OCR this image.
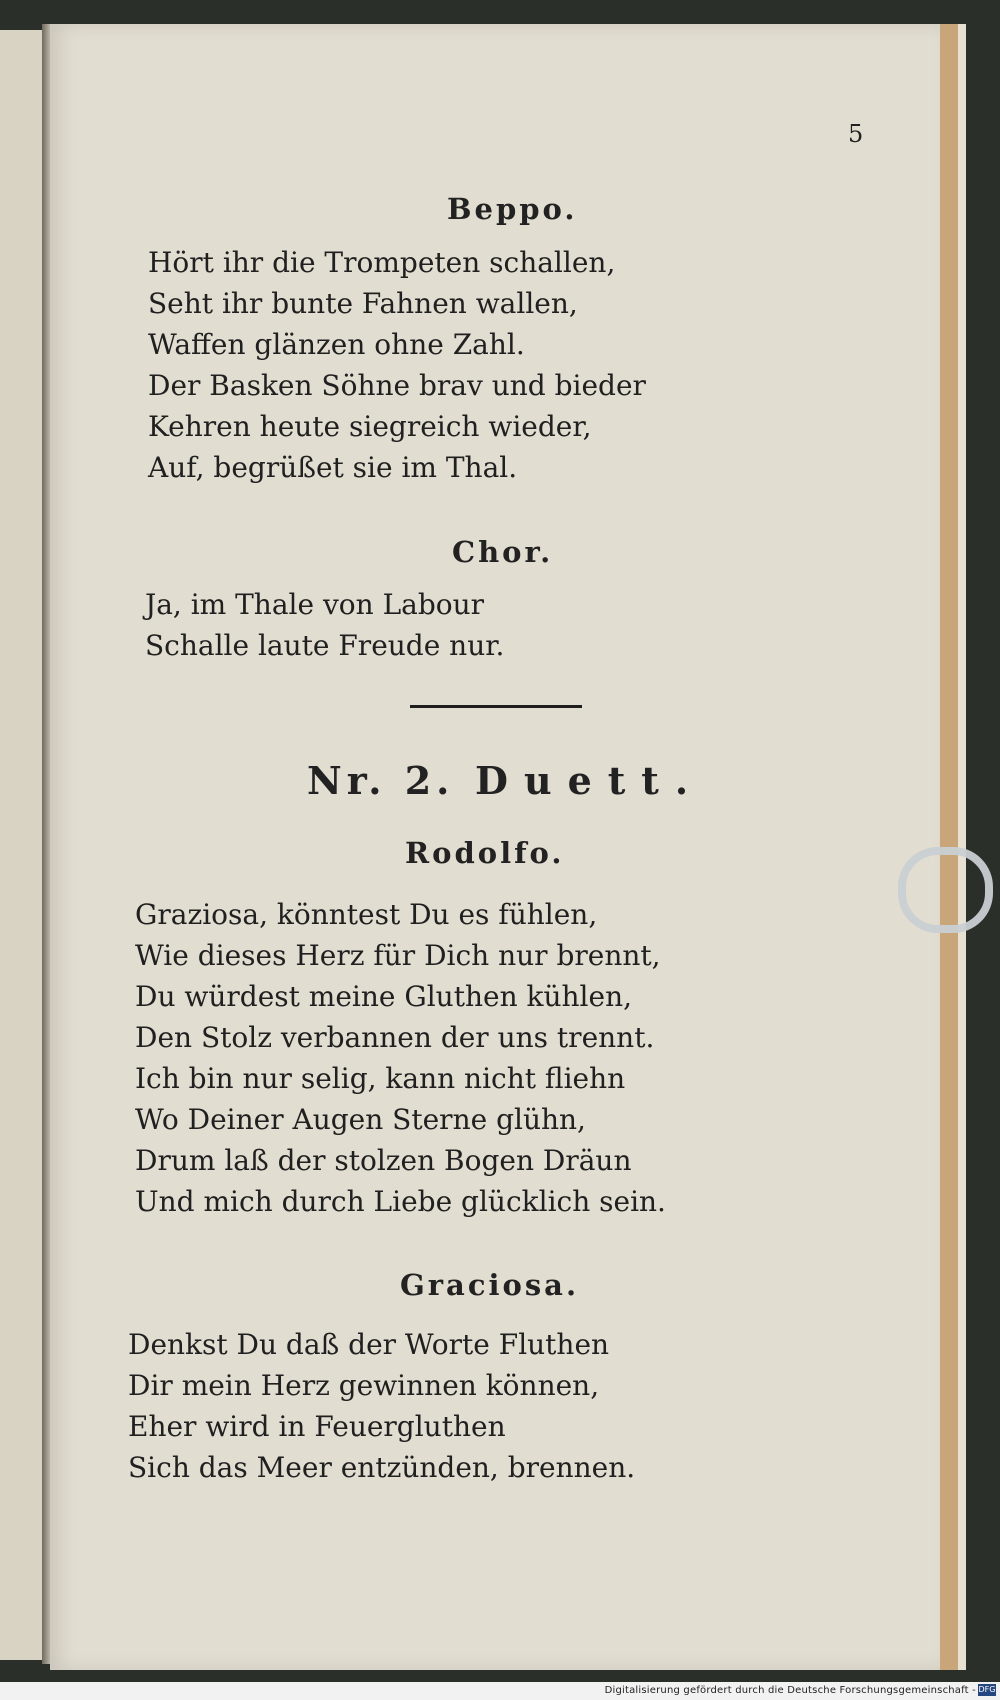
5
Beppo.
Hört ihr die Trompeten schallen,
Seht ihr bunte Fahnen wallen,
Waffen glänzen ohne Zahl.
Der Basken Söhne brav und bieder
Kehren heute siegreich wieder,
Auf, begrüßet sie im Thal.
Chor.
Ja, im Thale von Labour
Schalle laute Freude nur.
Nr. 2. Duett.
Rodolfo.
Graziosa, könntest Du es fühlen,
Wie dieses Herz für Dich nur brennt,
Du würdest meine Gluthen kühlen,
Den Stolz verbannen der uns trennt.
Ich bin nur selig, kann nicht fliehn
Wo Deiner Augen Sterne glühn,
Drum laß der stolzen Bogen Dräun
Und mich durch Liebe glücklich sein.
Graciosa.
Denkst Du daß der Worte Fluthen
Dir mein Herz gewinnen können,
Eher wird in Feuergluthen
Sich das Meer entzünden, brennen.
Digitalisierung gefördert durch die Deutsche Forschungsgemeinschaft - DFG
